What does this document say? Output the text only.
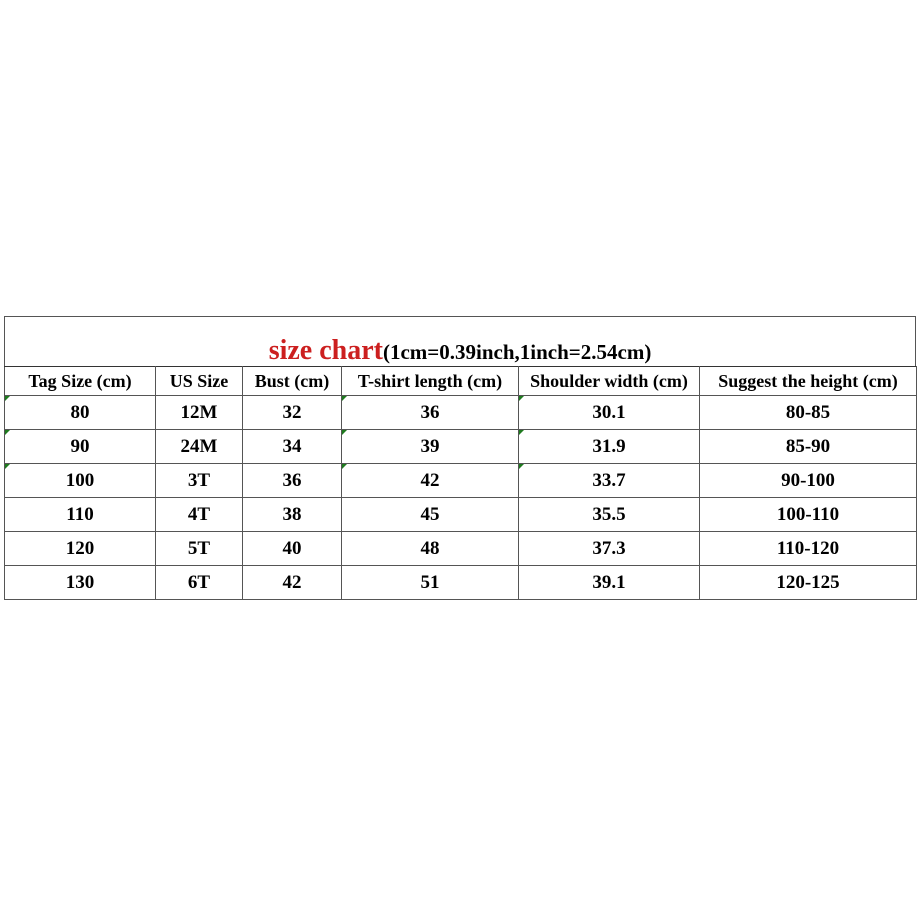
size chart(1cm=0.39inch,1inch=2.54cm)
Tag Size (cm)	US Size	Bust (cm)	T-shirt length (cm)	Shoulder width (cm)	Suggest the height (cm)
80	12M	32	36	30.1	80-85
90	24M	34	39	31.9	85-90
100	3T	36	42	33.7	90-100
110	4T	38	45	35.5	100-110
120	5T	40	48	37.3	110-120
130	6T	42	51	39.1	120-125
